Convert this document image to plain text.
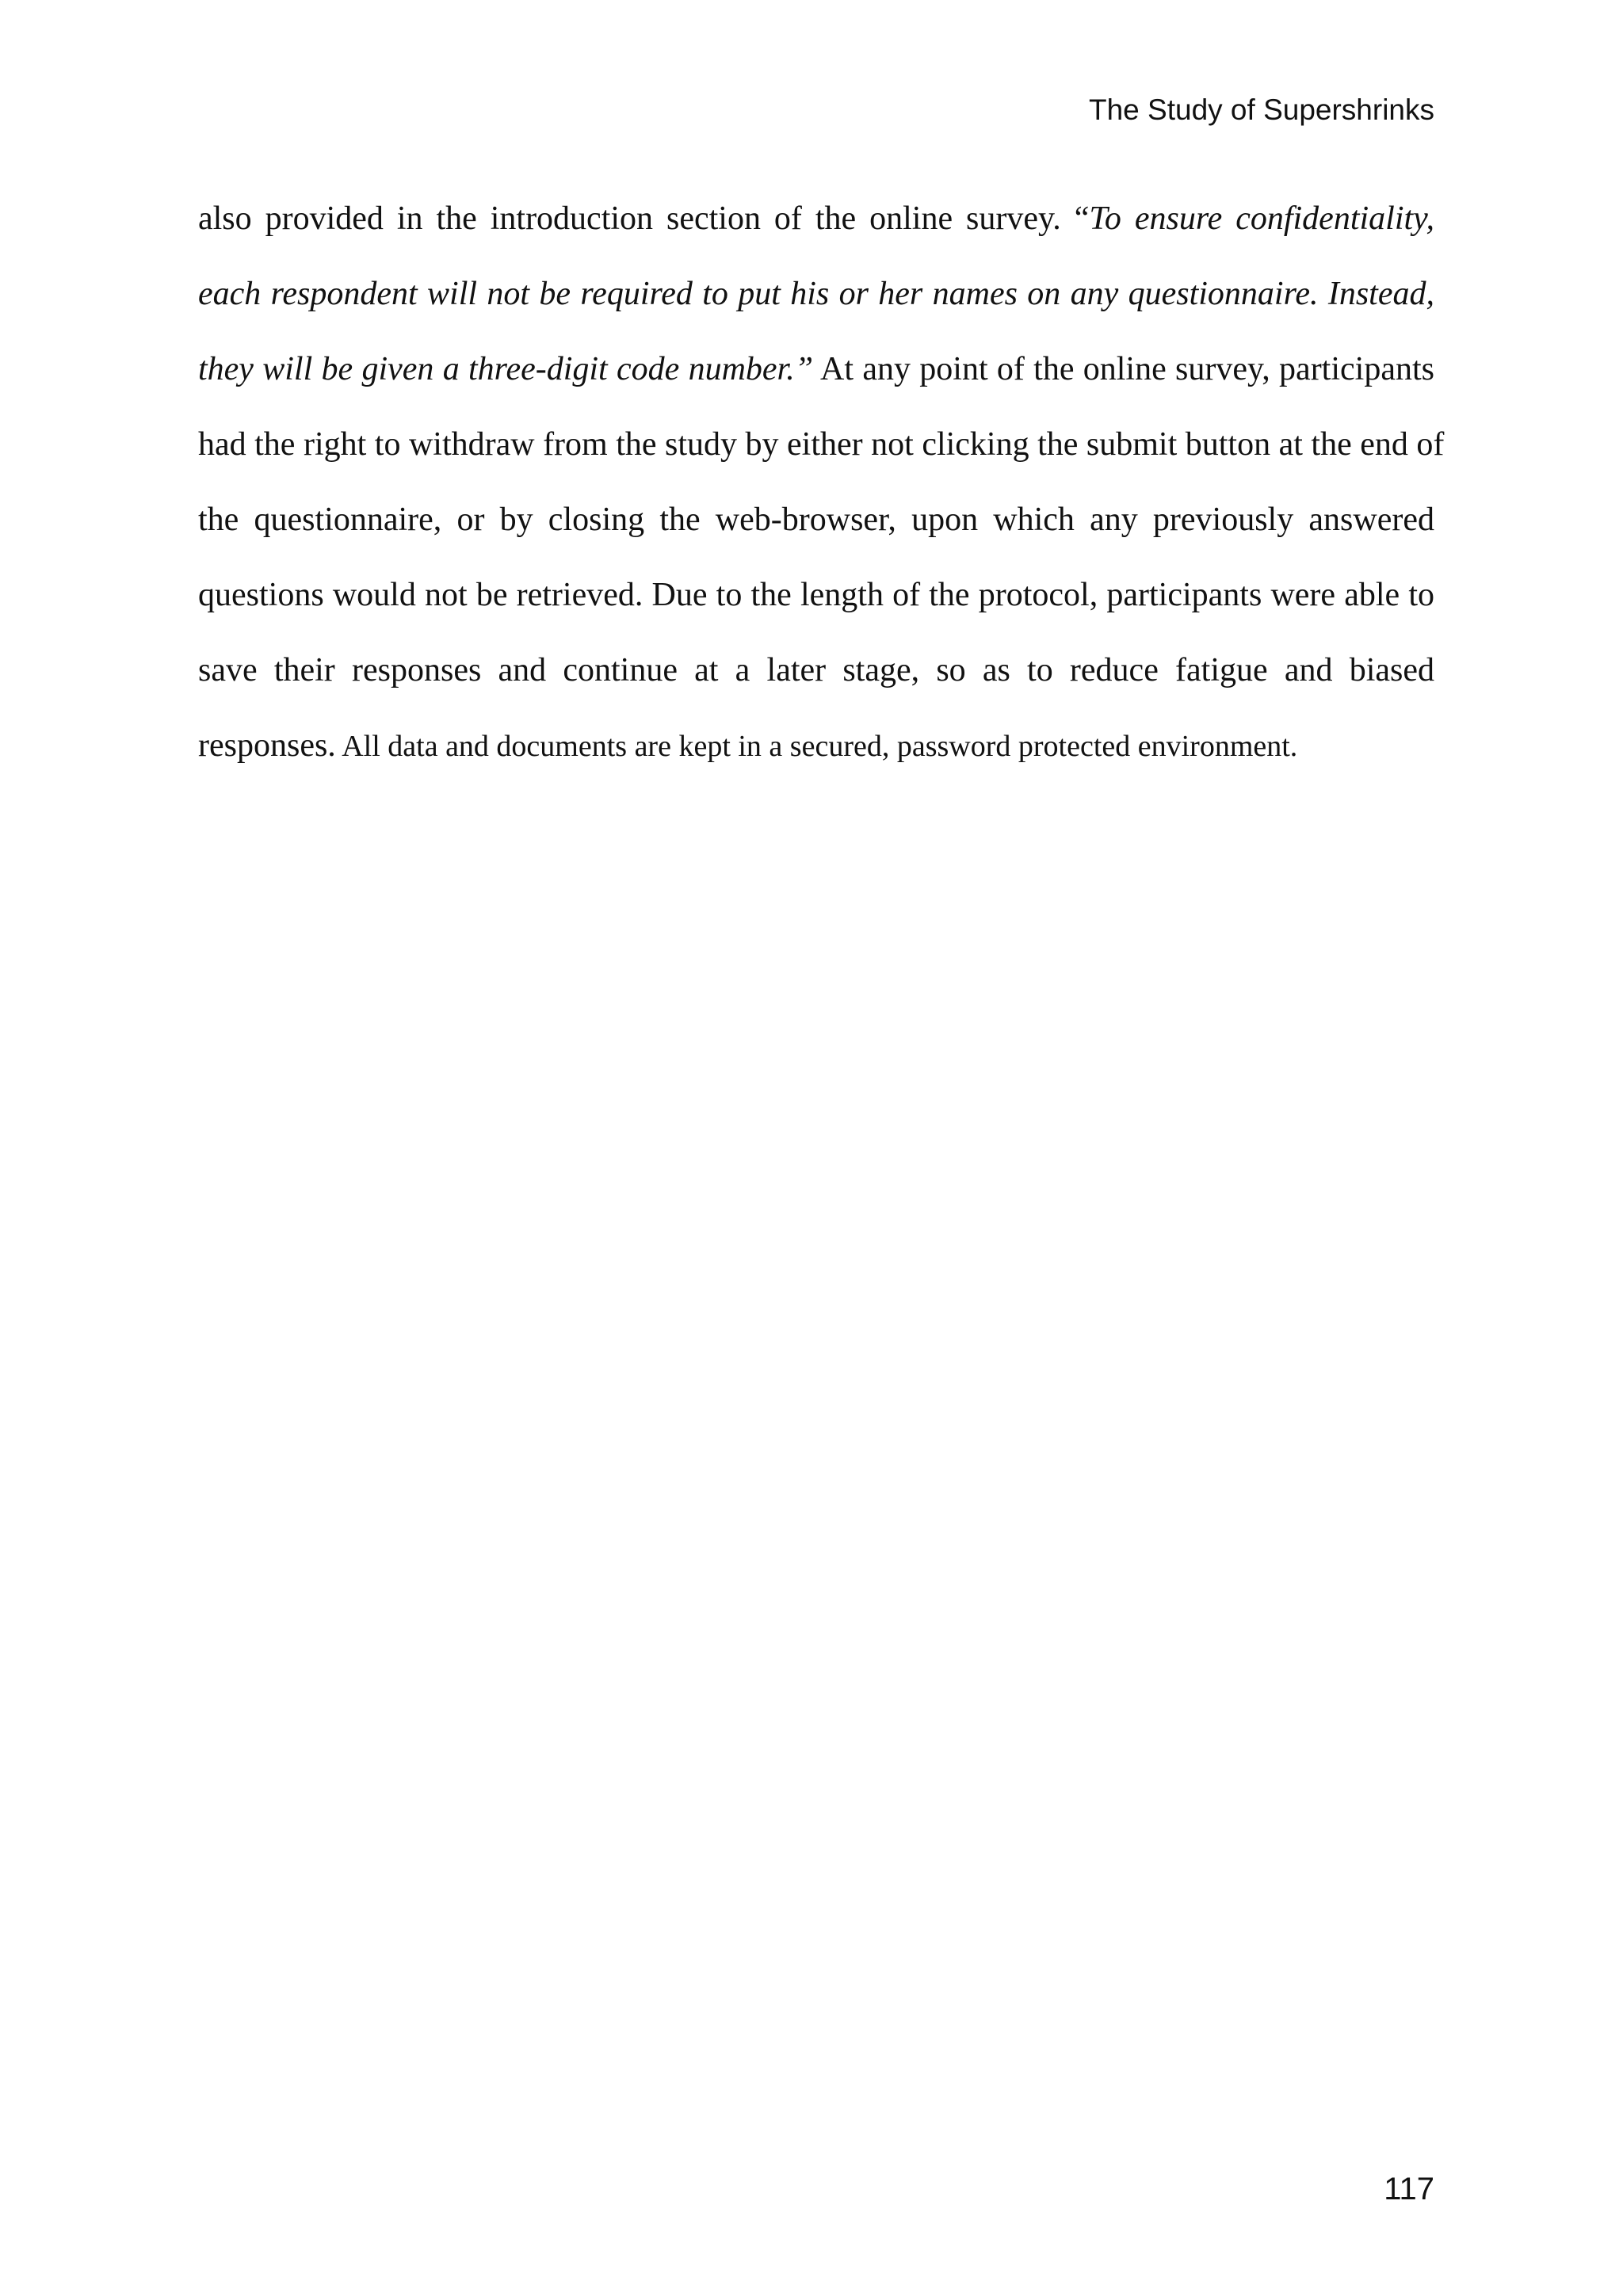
The Study of Supershrinks
also provided in the introduction section of the online survey. “To ensure confidentiality,
each respondent will not be required to put his or her names on any questionnaire. Instead,
they will be given a three-digit code number.” At any point of the online survey, participants
had the right to withdraw from the study by either not clicking the submit button at the end of
the questionnaire, or by closing the web-browser, upon which any previously answered
questions would not be retrieved. Due to the length of the protocol, participants were able to
save their responses and continue at a later stage, so as to reduce fatigue and biased
responses. All data and documents are kept in a secured, password protected environment.
117
